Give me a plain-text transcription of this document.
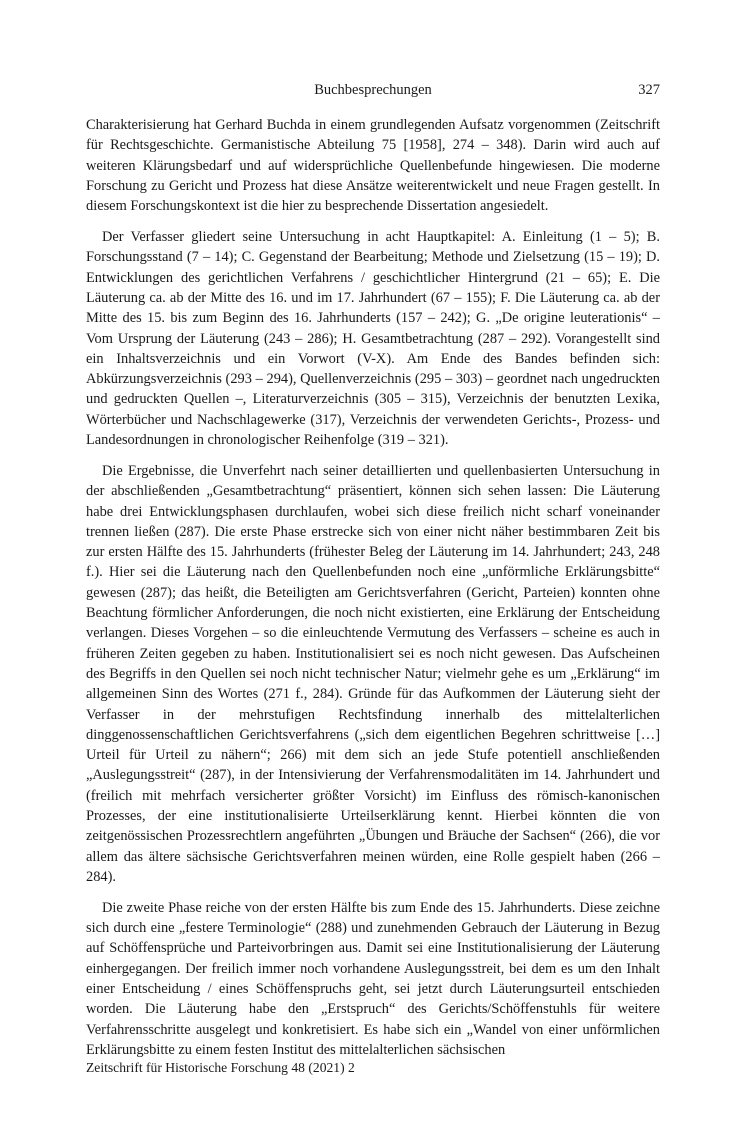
Buchbesprechungen	327

Charakterisierung hat Gerhard Buchda in einem grundlegenden Aufsatz vorgenommen (Zeitschrift für Rechtsgeschichte. Germanistische Abteilung 75 [1958], 274 – 348). Darin wird auch auf weiteren Klärungsbedarf und auf widersprüchliche Quellenbefunde hingewiesen. Die moderne Forschung zu Gericht und Prozess hat diese Ansätze weiterentwickelt und neue Fragen gestellt. In diesem Forschungskontext ist die hier zu besprechende Dissertation angesiedelt.

Der Verfasser gliedert seine Untersuchung in acht Hauptkapitel: A. Einleitung (1 – 5); B. Forschungsstand (7 – 14); C. Gegenstand der Bearbeitung; Methode und Zielsetzung (15 – 19); D. Entwicklungen des gerichtlichen Verfahrens / geschichtlicher Hintergrund (21 – 65); E. Die Läuterung ca. ab der Mitte des 16. und im 17. Jahrhundert (67 – 155); F. Die Läuterung ca. ab der Mitte des 15. bis zum Beginn des 16. Jahrhunderts (157 – 242); G. „De origine leuterationis“ – Vom Ursprung der Läuterung (243 – 286); H. Gesamtbetrachtung (287 – 292). Vorangestellt sind ein Inhaltsverzeichnis und ein Vorwort (V-X). Am Ende des Bandes befinden sich: Abkürzungsverzeichnis (293 – 294), Quellenverzeichnis (295 – 303) – geordnet nach ungedruckten und gedruckten Quellen –, Literaturverzeichnis (305 – 315), Verzeichnis der benutzten Lexika, Wörterbücher und Nachschlagewerke (317), Verzeichnis der verwendeten Gerichts-, Prozess- und Landesordnungen in chronologischer Reihenfolge (319 – 321).

Die Ergebnisse, die Unverfehrt nach seiner detaillierten und quellenbasierten Untersuchung in der abschließenden „Gesamtbetrachtung“ präsentiert, können sich sehen lassen: Die Läuterung habe drei Entwicklungsphasen durchlaufen, wobei sich diese freilich nicht scharf voneinander trennen ließen (287). Die erste Phase erstrecke sich von einer nicht näher bestimmbaren Zeit bis zur ersten Hälfte des 15. Jahrhunderts (frühester Beleg der Läuterung im 14. Jahrhundert; 243, 248 f.). Hier sei die Läuterung nach den Quellenbefunden noch eine „unförmliche Erklärungsbitte“ gewesen (287); das heißt, die Beteiligten am Gerichtsverfahren (Gericht, Parteien) konnten ohne Beachtung förmlicher Anforderungen, die noch nicht existierten, eine Erklärung der Entscheidung verlangen. Dieses Vorgehen – so die einleuchtende Vermutung des Verfassers – scheine es auch in früheren Zeiten gegeben zu haben. Institutionalisiert sei es noch nicht gewesen. Das Aufscheinen des Begriffs in den Quellen sei noch nicht technischer Natur; vielmehr gehe es um „Erklärung“ im allgemeinen Sinn des Wortes (271 f., 284). Gründe für das Aufkommen der Läuterung sieht der Verfasser in der mehrstufigen Rechtsfindung innerhalb des mittelalterlichen dinggenossenschaftlichen Gerichtsverfahrens („sich dem eigentlichen Begehren schrittweise […] Urteil für Urteil zu nähern“; 266) mit dem sich an jede Stufe potentiell anschließenden „Auslegungsstreit“ (287), in der Intensivierung der Verfahrensmodalitäten im 14. Jahrhundert und (freilich mit mehrfach versicherter größter Vorsicht) im Einfluss des römisch-kanonischen Prozesses, der eine institutionalisierte Urteilserklärung kennt. Hierbei könnten die von zeitgenössischen Prozessrechtlern angeführten „Übungen und Bräuche der Sachsen“ (266), die vor allem das ältere sächsische Gerichtsverfahren meinen würden, eine Rolle gespielt haben (266 – 284).

Die zweite Phase reiche von der ersten Hälfte bis zum Ende des 15. Jahrhunderts. Diese zeichne sich durch eine „festere Terminologie“ (288) und zunehmenden Gebrauch der Läuterung in Bezug auf Schöffensprüche und Parteivorbringen aus. Damit sei eine Institutionalisierung der Läuterung einhergegangen. Der freilich immer noch vorhandene Auslegungsstreit, bei dem es um den Inhalt einer Entscheidung / eines Schöffenspruchs geht, sei jetzt durch Läuterungsurteil entschieden worden. Die Läuterung habe den „Erstspruch“ des Gerichts/Schöffenstuhls für weitere Verfahrensschritte ausgelegt und konkretisiert. Es habe sich ein „Wandel von einer unförmlichen Erklärungsbitte zu einem festen Institut des mittelalterlichen sächsischen

Zeitschrift für Historische Forschung 48 (2021) 2
